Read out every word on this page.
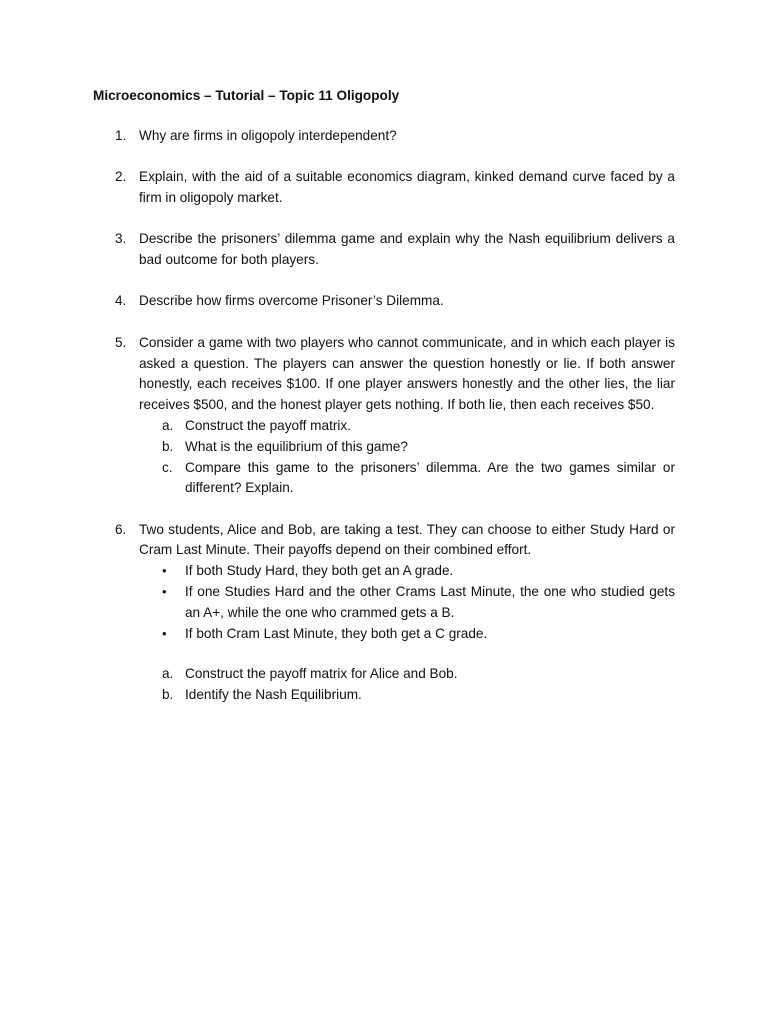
Microeconomics – Tutorial – Topic 11 Oligopoly
1. Why are firms in oligopoly interdependent?
2. Explain, with the aid of a suitable economics diagram, kinked demand curve faced by a firm in oligopoly market.
3. Describe the prisoners’ dilemma game and explain why the Nash equilibrium delivers a bad outcome for both players.
4. Describe how firms overcome Prisoner’s Dilemma.
5. Consider a game with two players who cannot communicate, and in which each player is asked a question. The players can answer the question honestly or lie. If both answer honestly, each receives $100. If one player answers honestly and the other lies, the liar receives $500, and the honest player gets nothing. If both lie, then each receives $50.
a. Construct the payoff matrix.
b. What is the equilibrium of this game?
c. Compare this game to the prisoners’ dilemma. Are the two games similar or different? Explain.
6. Two students, Alice and Bob, are taking a test. They can choose to either Study Hard or Cram Last Minute. Their payoffs depend on their combined effort.
• If both Study Hard, they both get an A grade.
• If one Studies Hard and the other Crams Last Minute, the one who studied gets an A+, while the one who crammed gets a B.
• If both Cram Last Minute, they both get a C grade.
a. Construct the payoff matrix for Alice and Bob.
b. Identify the Nash Equilibrium.
